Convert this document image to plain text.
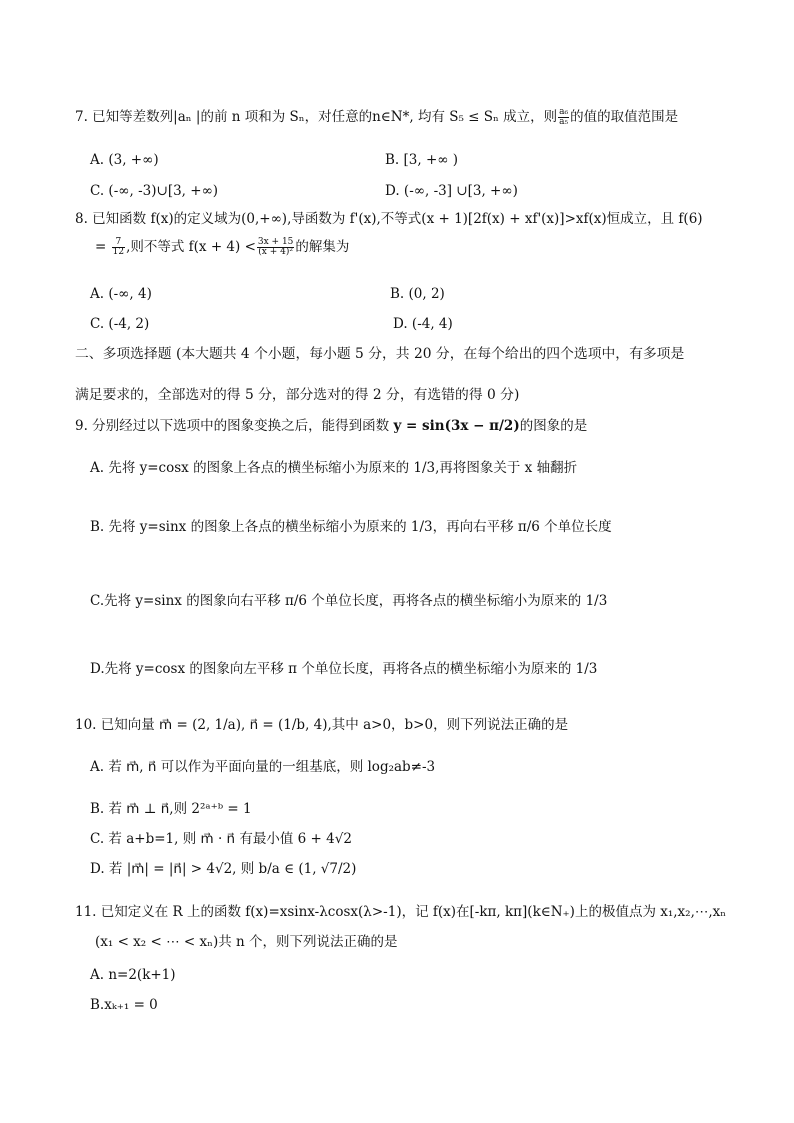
7. 已知等差数列|aₙ |的前 n 项和为 Sₙ，对任意的n∈N*, 均有 S₅ ≤ Sₙ 成立，则 $\frac{\text{a₆}}{\text{a₅}}$ 的值的取值范围是
A. (3, +∞)	B. [3, +∞ )
C. (-∞, -3)∪[3, +∞)	D. (-∞, -3] ∪[3, +∞)
8. 已知函数 f(x)的定义域为(0,+∞),导函数为 f'(x),不等式(x + 1)[2f(x) + xf'(x)]>xf(x)恒成立，且 f(6)
= $\frac{7}{12}$ ,则不等式 $f(x + 4) < \frac{3x + 15}{\text{(x + 4)²}}$ 的解集为
A. (-∞, 4)	B. (0, 2)
C. (-4, 2)	D. (-4, 4)
二、多项选择题 (本大题共 4 个小题，每小题 5 分，共 20 分，在每个给出的四个选项中，有多项是
满足要求的，全部选对的得 5 分，部分选对的得 2 分，有选错的得 0 分)
9. 分别经过以下选项中的图象变换之后，能得到函数 y = sin(3x − π/2)的图象的是
A. 先将 y=cosx 的图象上各点的横坐标缩小为原来的 1/3,再将图象关于 x 轴翻折
B. 先将 y=sinx 的图象上各点的横坐标缩小为原来的 1/3，再向右平移 π/6 个单位长度
C.先将 y=sinx 的图象向右平移 π/6 个单位长度，再将各点的横坐标缩小为原来的 1/3
D.先将 y=cosx 的图象向左平移 π 个单位长度，再将各点的横坐标缩小为原来的 1/3
10. 已知向量 m⃗ = (2, 1/a), n⃗ = (1/b, 4),其中 a>0，b>0，则下列说法正确的是
A. 若 m⃗, n⃗ 可以作为平面向量的一组基底，则 log₂ab≠-3
B. 若 m⃗ ⊥ n⃗,则 2²ᵃ⁺ᵇ = 1
C. 若 a+b=1, 则 m⃗ · n⃗ 有最小值 6 + 4√2
D. 若 |m⃗| = |n⃗| > 4√2, 则 b/a ∈ (1, √7/2)
11. 已知定义在 R 上的函数 f(x)=xsinx-λcosx(λ>-1)，记 f(x)在[-kπ, kπ](k∈N₊)上的极值点为 x₁,x₂,⋯,xₙ
(x₁ < x₂ < ⋯ < xₙ)共 n 个，则下列说法正确的是
A. n=2(k+1)
B.xₖ₊₁ = 0
